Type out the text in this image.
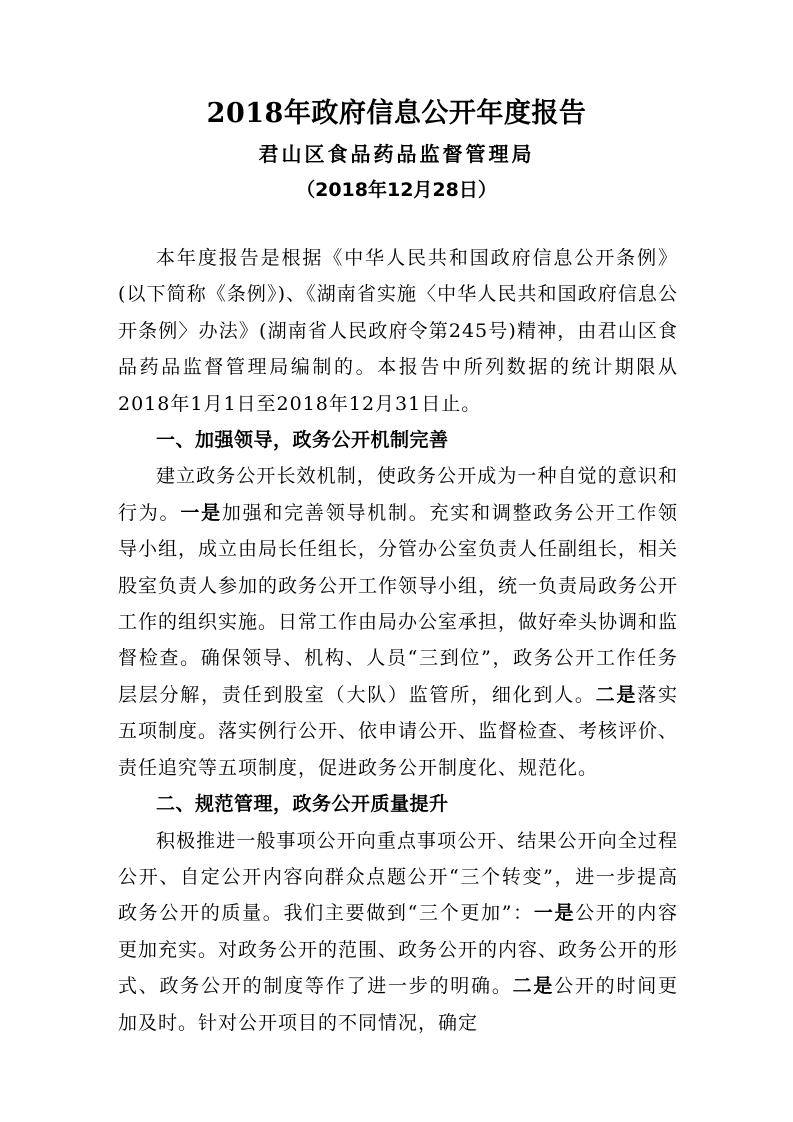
2018年政府信息公开年度报告
君山区食品药品监督管理局
（2018年12月28日）

本年度报告是根据《中华人民共和国政府信息公开条例》(以下简称《条例》)、《湖南省实施〈中华人民共和国政府信息公开条例〉办法》(湖南省人民政府令第245号)精神，由君山区食品药品监督管理局编制的。本报告中所列数据的统计期限从2018年1月1日至2018年12月31日止。

一、加强领导，政务公开机制完善

建立政务公开长效机制，使政务公开成为一种自觉的意识和行为。一是加强和完善领导机制。充实和调整政务公开工作领导小组，成立由局长任组长，分管办公室负责人任副组长，相关股室负责人参加的政务公开工作领导小组，统一负责局政务公开工作的组织实施。日常工作由局办公室承担，做好牵头协调和监督检查。确保领导、机构、人员“三到位”，政务公开工作任务层层分解，责任到股室（大队）监管所，细化到人。二是落实五项制度。落实例行公开、依申请公开、监督检查、考核评价、责任追究等五项制度，促进政务公开制度化、规范化。

二、规范管理，政务公开质量提升

积极推进一般事项公开向重点事项公开、结果公开向全过程公开、自定公开内容向群众点题公开“三个转变”，进一步提高政务公开的质量。我们主要做到“三个更加”：一是公开的内容更加充实。对政务公开的范围、政务公开的内容、政务公开的形式、政务公开的制度等作了进一步的明确。二是公开的时间更加及时。针对公开项目的不同情况，确定
